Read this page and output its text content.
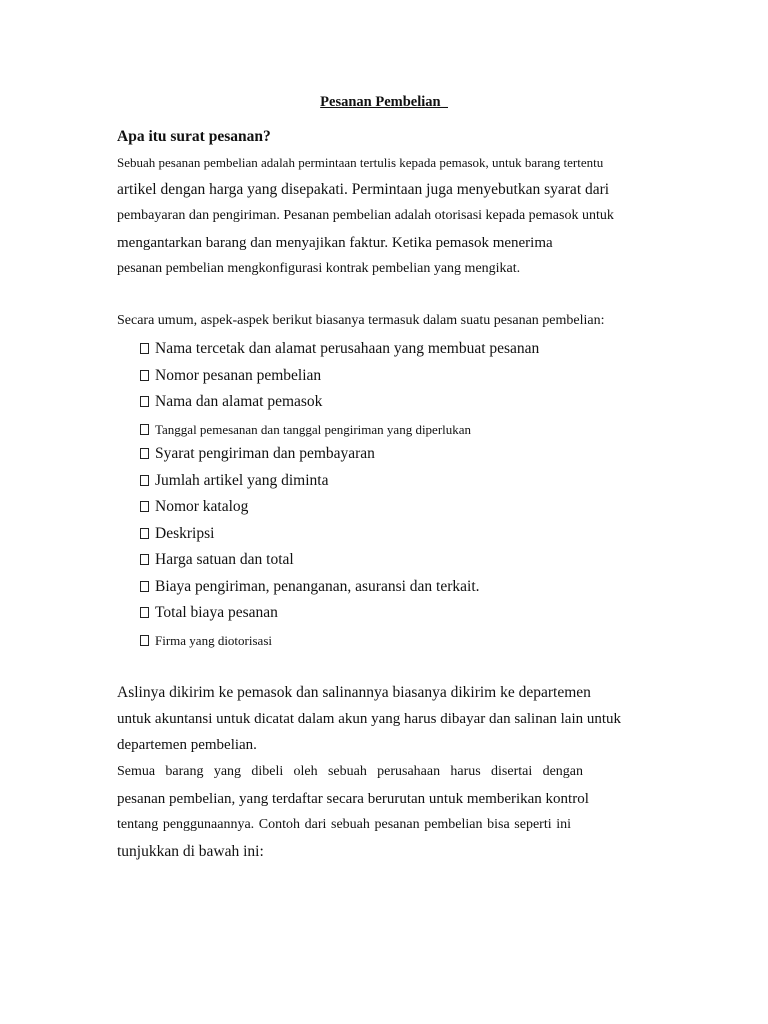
Pesanan Pembelian_
Apa itu surat pesanan?
Sebuah pesanan pembelian adalah permintaan tertulis kepada pemasok, untuk barang tertentu
artikel dengan harga yang disepakati. Permintaan juga menyebutkan syarat dari
pembayaran dan pengiriman. Pesanan pembelian adalah otorisasi kepada pemasok untuk
mengantarkan barang dan menyajikan faktur. Ketika pemasok menerima
pesanan pembelian mengkonfigurasi kontrak pembelian yang mengikat.
Secara umum, aspek-aspek berikut biasanya termasuk dalam suatu pesanan pembelian:
Nama tercetak dan alamat perusahaan yang membuat pesanan
Nomor pesanan pembelian
Nama dan alamat pemasok
Tanggal pemesanan dan tanggal pengiriman yang diperlukan
Syarat pengiriman dan pembayaran
Jumlah artikel yang diminta
Nomor katalog
Deskripsi
Harga satuan dan total
Biaya pengiriman, penanganan, asuransi dan terkait.
Total biaya pesanan
Firma yang diotorisasi
Aslinya dikirim ke pemasok dan salinannya biasanya dikirim ke departemen
untuk akuntansi untuk dicatat dalam akun yang harus dibayar dan salinan lain untuk
departemen pembelian.
Semua barang yang dibeli oleh sebuah perusahaan harus disertai dengan
pesanan pembelian, yang terdaftar secara berurutan untuk memberikan kontrol
tentang penggunaannya. Contoh dari sebuah pesanan pembelian bisa seperti ini
tunjukkan di bawah ini:
